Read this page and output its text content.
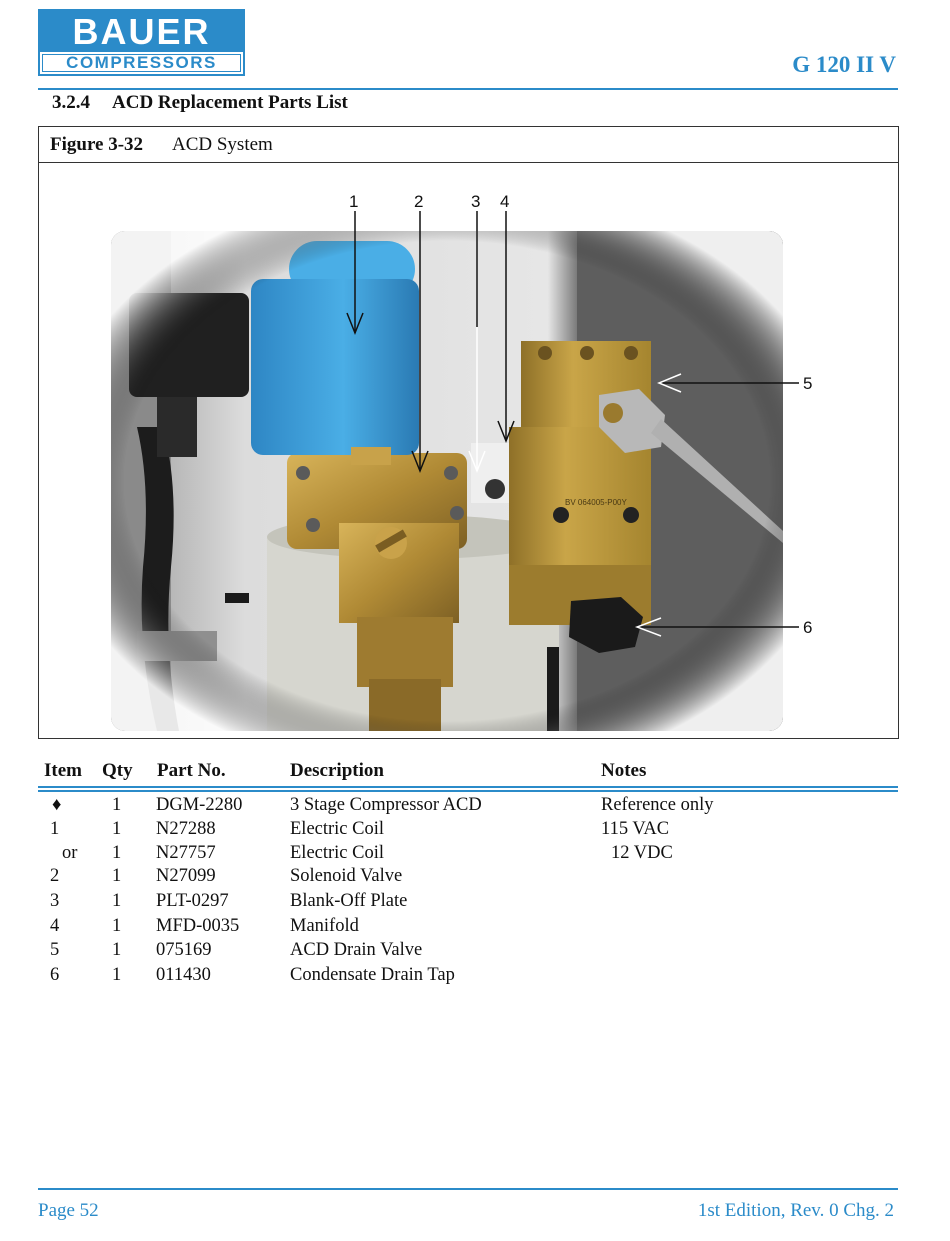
BAUER
COMPRESSORS	G 120 II V
3.2.4 ACD Replacement Parts List
Figure 3-32 ACD System
1	2	3 4
5
6
Item Qty Part No.	Description	Notes
♦	1 DGM-2280	3 Stage Compressor ACD	Reference only
1	1 N27288	Electric Coil	115 VAC
or 1 N27757	Electric Coil	12 VDC
2	1 N27099	Solenoid Valve
3	1 PLT-0297	Blank-Off Plate
4	1 MFD-0035	Manifold
5	1 075169	ACD Drain Valve
6	1 011430	Condensate Drain Tap
Page 52	1st Edition, Rev. 0 Chg. 2
